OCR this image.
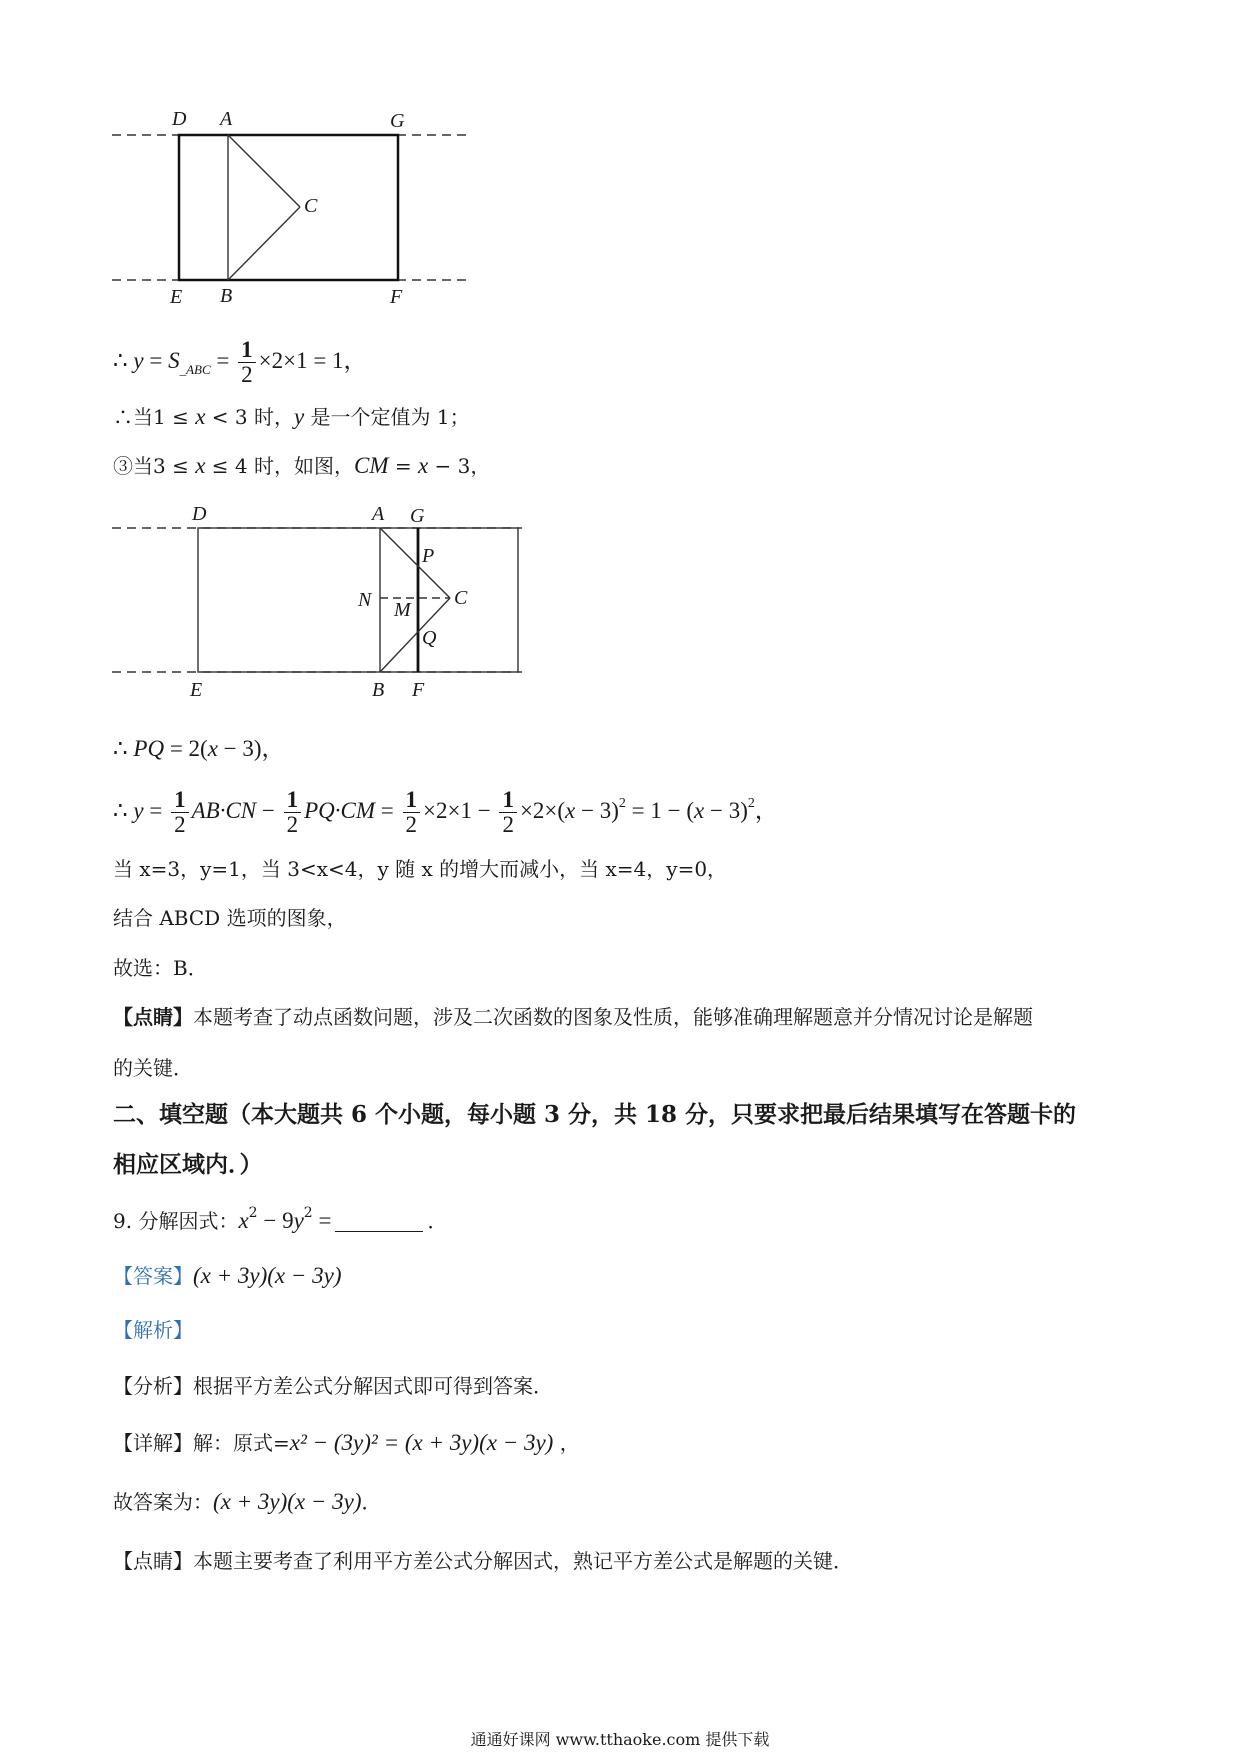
D A	G
C
E B	F
∴ $y = S_{\_ABC} = \frac{1}{2} \times 2\times 1 = 1$，
∴当1 ≤ x < 3 时，y 是一个定值为 1；
③当3 ≤ x ≤ 4 时，如图，CM = x − 3，
D	A G
P
N M
C
Q
E	B F
∴ PQ = 2(x − 3)，
∴ $y = \frac{1}{2} AB\cdot CN - \frac{1}{2} PQ\cdot CM = \frac{1}{2} \times 2\times 1 - \frac{1}{2} \times 2\times(x - 3)^2 = 1 - (x - 3)^2$，
当 x=3，y=1，当 3<x<4，y 随 x 的增大而减小，当 x=4，y=0，
结合 ABCD 选项的图象，
故选：B．
【点睛】本题考查了动点函数问题，涉及二次函数的图象及性质，能够准确理解题意并分情况讨论是解题
的关键．
二、填空题（本大题共 6 个小题，每小题 3 分，共 18 分，只要求把最后结果填写在答题卡的
相应区域内．）
9. 分解因式：$x^2 - 9y^2$ =	．
【答案】(x + 3y)(x − 3y)
【解析】
【分析】根据平方差公式分解因式即可得到答案．
【详解】解：原式=x² − (3y)² = (x + 3y)(x − 3y) ，
故答案为：(x + 3y)(x − 3y)．
【点睛】本题主要考查了利用平方差公式分解因式，熟记平方差公式是解题的关键．
通通好课网 www.tthaoke.com 提供下载
